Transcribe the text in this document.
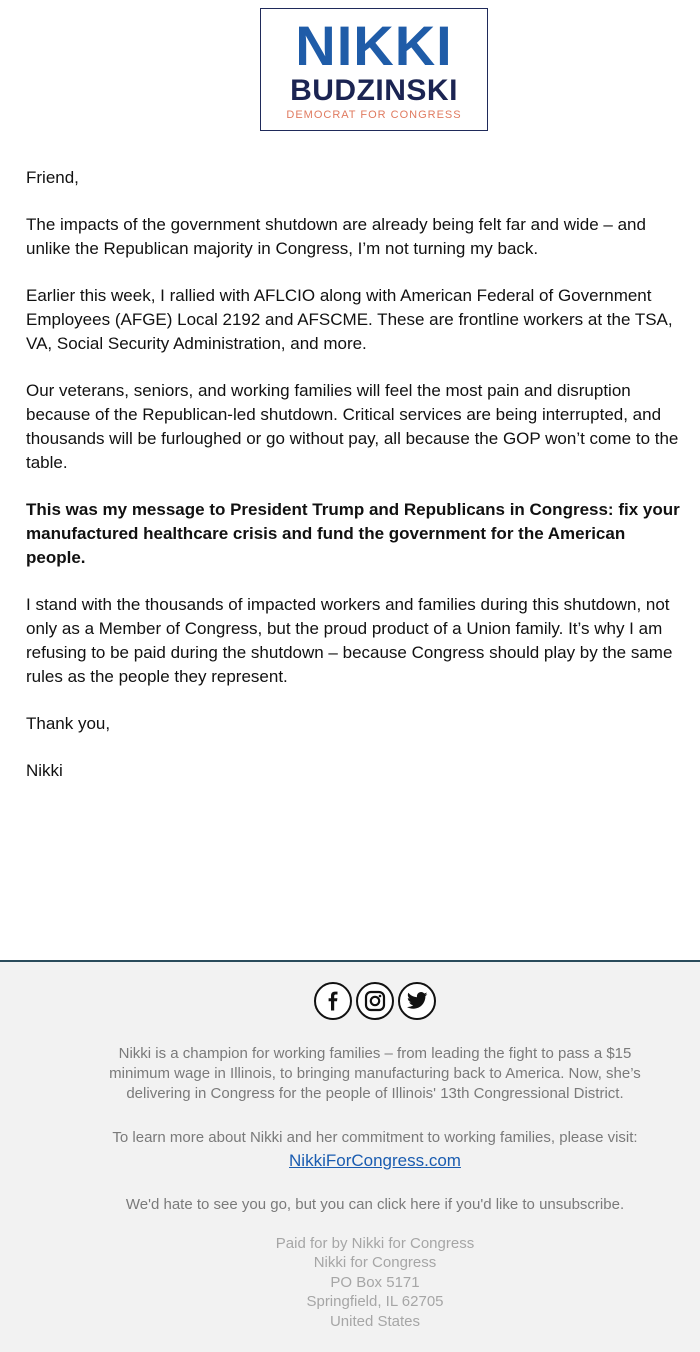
NIKKI
BUDZINSKI
DEMOCRAT FOR CONGRESS

Friend,

The impacts of the government shutdown are already being felt far and wide – and
unlike the Republican majority in Congress, I’m not turning my back.

Earlier this week, I rallied with AFLCIO along with American Federal of Government
Employees (AFGE) Local 2192 and AFSCME. These are frontline workers at the TSA,
VA, Social Security Administration, and more.

Our veterans, seniors, and working families will feel the most pain and disruption
because of the Republican-led shutdown. Critical services are being interrupted, and
thousands will be furloughed or go without pay, all because the GOP won’t come to the
table.

This was my message to President Trump and Republicans in Congress: fix your
manufactured healthcare crisis and fund the government for the American
people.

I stand with the thousands of impacted workers and families during this shutdown, not
only as a Member of Congress, but the proud product of a Union family. It’s why I am
refusing to be paid during the shutdown – because Congress should play by the same
rules as the people they represent.

Thank you,

Nikki

Nikki is a champion for working families – from leading the fight to pass a $15
minimum wage in Illinois, to bringing manufacturing back to America. Now, she’s
delivering in Congress for the people of Illinois' 13th Congressional District.
To learn more about Nikki and her commitment to working families, please visit:
NikkiForCongress.com
We'd hate to see you go, but you can click here if you'd like to unsubscribe.
Paid for by Nikki for Congress
Nikki for Congress
PO Box 5171
Springfield, IL 62705
United States
